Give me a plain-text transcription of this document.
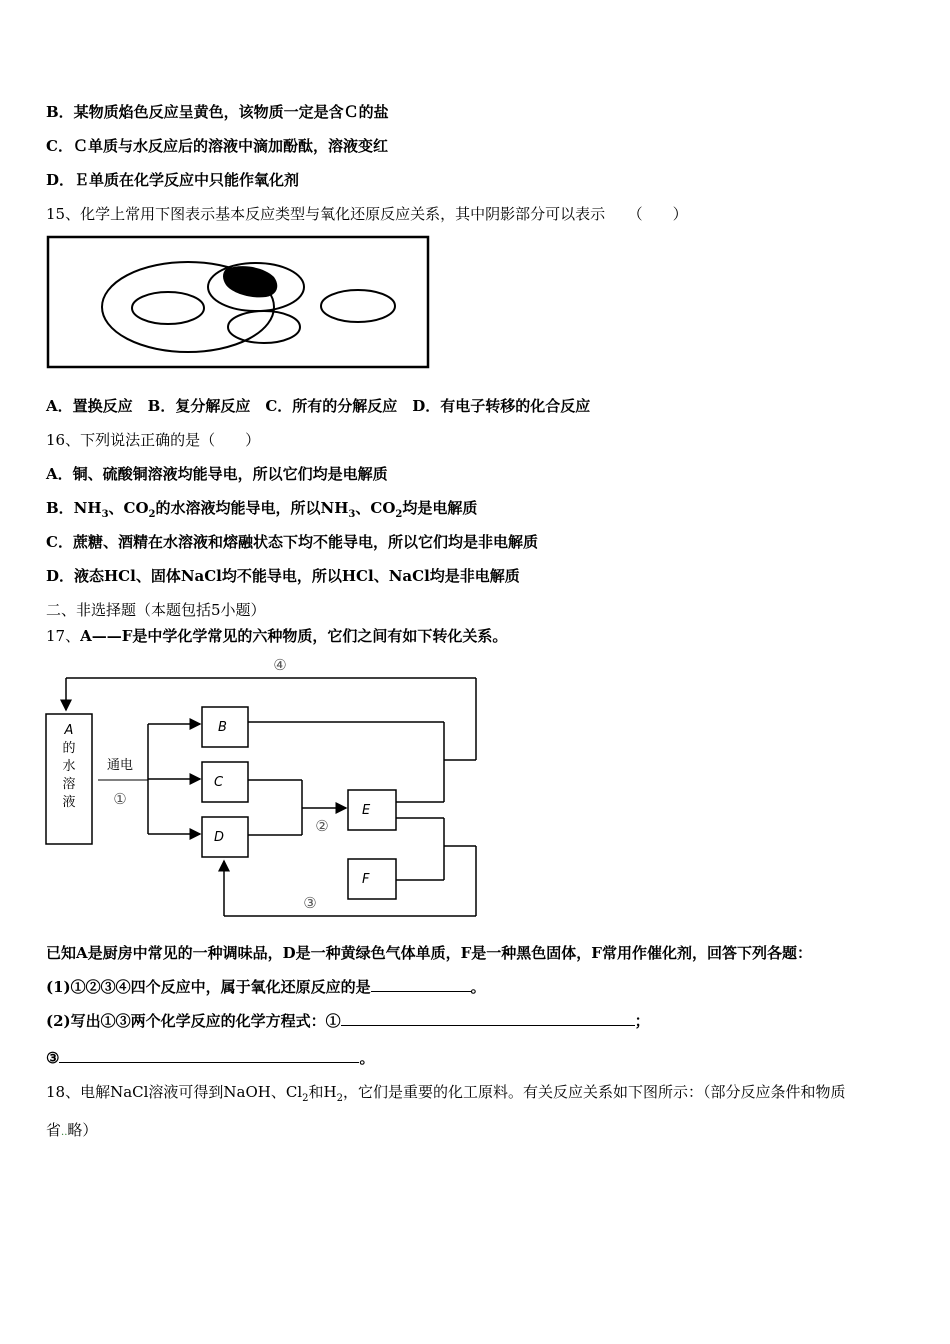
B．某物质焰色反应呈黄色，该物质一定是含Ｃ的盐
C．Ｃ单质与水反应后的溶液中滴加酚酞，溶液变红
D．Ｅ单质在化学反应中只能作氧化剂
15、化学上常用下图表示基本反应类型与氧化还原反应关系，其中阴影部分可以表示　　（　　）
A．置换反应　B．复分解反应　C．所有的分解反应　D．有电子转移的化合反应
16、下列说法正确的是（　　）
A．铜、硫酸铜溶液均能导电，所以它们均是电解质
B．$NH_3$、$CO_2$的水溶液均能导电，所以$NH_3$、$CO_2$均是电解质
C．蔗糖、酒精在水溶液和熔融状态下均不能导电，所以它们均是非电解质
D．液态HCl、固体NaCl均不能导电，所以HCl、NaCl均是非电解质
二、非选择题（本题包括5小题）
17、A——F是中学化学常见的六种物质，它们之间有如下转化关系。
A
的
水
溶
液
通电
①
B
C
D
②
E
F
④
③
已知A是厨房中常见的一种调味品，D是一种黄绿色气体单质，F是一种黑色固体，F常用作催化剂，回答下列各题：
(1)①②③④四个反应中，属于氧化还原反应的是	。
(2)写出①③两个化学反应的化学方程式：①	；
③	。
18、电解NaCl溶液可得到NaOH、$Cl_2$和$H_2$，它们是重要的化工原料。有关反应关系如下图所示：（部分反应条件和物质
省..略）
